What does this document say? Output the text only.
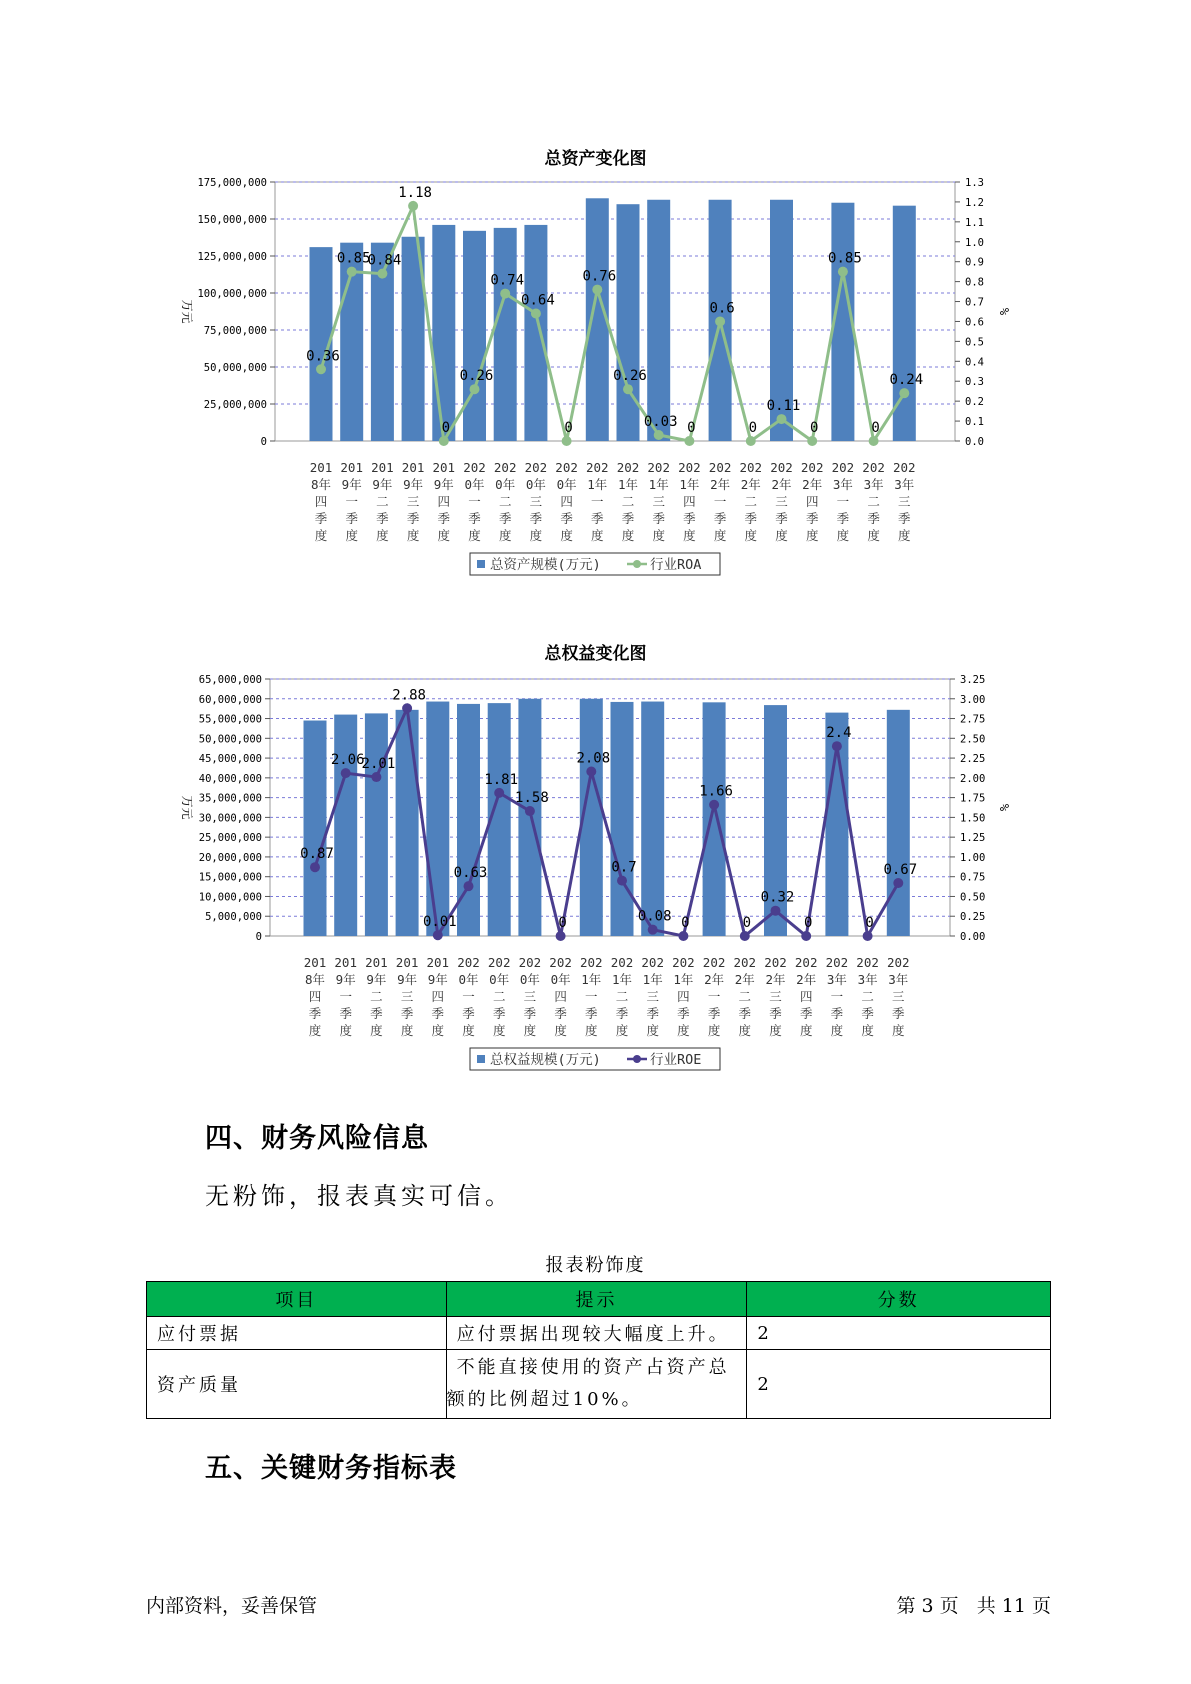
总资产变化图
0
25,000,000
50,000,000
75,000,000
100,000,000
125,000,000
150,000,000
175,000,000
0.0
0.1
0.2
0.3
0.4
0.5
0.6
0.7
0.8
0.9
1.0
1.1
1.2
1.3
万元	%
0.36
0.85
0.84
1.18
0
0.26
0.74
0.64
0
0.76
0.26
0.03 0
0.6
0
0.11
0
0.85
0
0.24
201
8年
四
季
度
201
9年
一
季
度
201
9年
二
季
度
201
9年
三
季
度
201
9年
四
季
度
202
0年
一
季
度
202
0年
二
季
度
202
0年
三
季
度
202
0年
四
季
度
202
1年
一
季
度
202
1年
二
季
度
202
1年
三
季
度
202
1年
四
季
度
202
2年
一
季
度
202
2年
二
季
度
202
2年
三
季
度
202
2年
四
季
度
202
3年
一
季
度
202
3年
二
季
度
202
3年
三
季
度
总资产规模(万元)	行业ROA
总权益变化图
0
5,000,000
10,000,000
15,000,000
20,000,000
25,000,000
30,000,000
35,000,000
40,000,000
45,000,000
50,000,000
55,000,000
60,000,000
65,000,000
0.00
0.25
0.50
0.75
1.00
1.25
1.50
1.75
2.00
2.25
2.50
2.75
3.00
3.25
万元	%
0.87
2.06
2.01
2.88
0.01
0.63
1.81
1.58
0
2.08
0.7
0.08 0
1.66
0
0.32
0
2.4
0
0.67
201
8年
四
季
度
201
9年
一
季
度
201
9年
二
季
度
201
9年
三
季
度
201
9年
四
季
度
202
0年
一
季
度
202
0年
二
季
度
202
0年
三
季
度
202
0年
四
季
度
202
1年
一
季
度
202
1年
二
季
度
202
1年
三
季
度
202
1年
四
季
度
202
2年
一
季
度
202
2年
二
季
度
202
2年
三
季
度
202
2年
四
季
度
202
3年
一
季
度
202
3年
二
季
度
202
3年
三
季
度
总权益规模(万元)	行业ROE
四、财务风险信息
无粉饰，报表真实可信。
报表粉饰度
项目	提示	分数
应付票据	应付票据出现较大幅度上升。	2
资产质量	不能直接使用的资产占资产总额的比例超过10%。	2
五、关键财务指标表
内部资料，妥善保管	第 3 页   共 11 页
